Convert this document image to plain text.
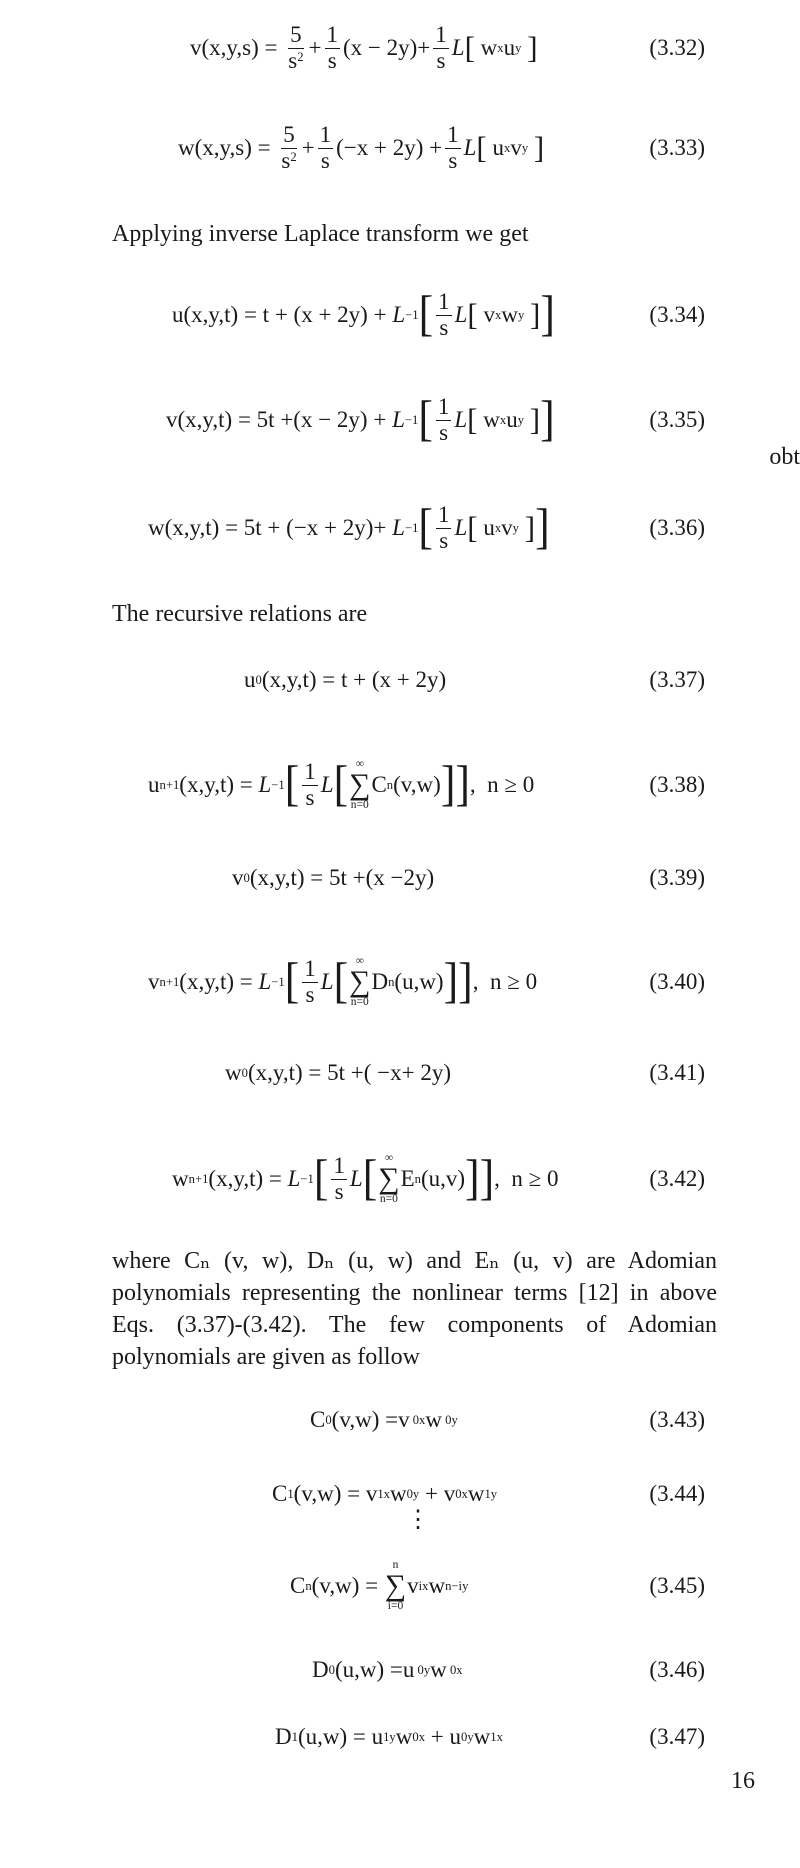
$v(x,y,s) = \frac{5}{s^2} + \frac{1}{s} (x - 2y)+ \frac{1}{s}$ L [ w x u y
]	(3.32)
$w(x,y,s) = \frac{5}{s^2} + \frac{1}{s} (-x + 2y) + \frac{1}{s}$ L [ u x v y
]	(3.33)
Applying inverse Laplace transform we get
u(x,y,t) = t + (x + 2y) + L −1 [ $\frac{1}{s}$ L [ v x w y
] ]	(3.34)
v(x,y,t) = 5t +(x − 2y) + L −1 [ $\frac{1}{s}$ L [ w x u y
] ]	(3.35)
obt
w(x,y,t) = 5t + (−x + 2y)+ L −1 [ $\frac{1}{s}$ L [ u x v y
] ]	(3.36)
The recursive relations are
u 0 (x,y,t) = t + (x + 2y)	(3.37)
u n+1 (x,y,t) = L −1 [ $\frac{1}{s}$ L [ ∞
∑
n=0
C n (v,w) ]] ,  n ≥ 0	(3.38)
v 0 (x,y,t) = 5t +(x −2y)	(3.39)
v n+1 (x,y,t) = L −1 [ $\frac{1}{s}$ L [ ∞
∑
n=0
D n (u,w) ]] ,  n ≥ 0	(3.40)
w 0 (x,y,t) = 5t +( −x+ 2y)	(3.41)
w n+1 (x,y,t) = L −1 [ $\frac{1}{s}$ L [ ∞
∑
n=0
E n (u,v) ]] ,  n ≥ 0	(3.42)
where Cₙ (v, w), Dₙ (u, w) and Eₙ (u, v) are Adomian polynomials representing the nonlinear terms [12] in above Eqs. (3.37)-(3.42). The few components of Adomian polynomials are given as follow
C 0 (v,w) =v 0x w 0y	(3.43)
C 1 (v,w) = v 1x w 0y + v 0x w 1y	(3.44)
⋮
C n (v,w) =
n
∑
i=0
v ix w n−iy	(3.45)
D 0 (u,w) =u 0y w 0x	(3.46)
D 1 (u,w) = u 1y w 0x + u 0y w 1x	(3.47)
16
